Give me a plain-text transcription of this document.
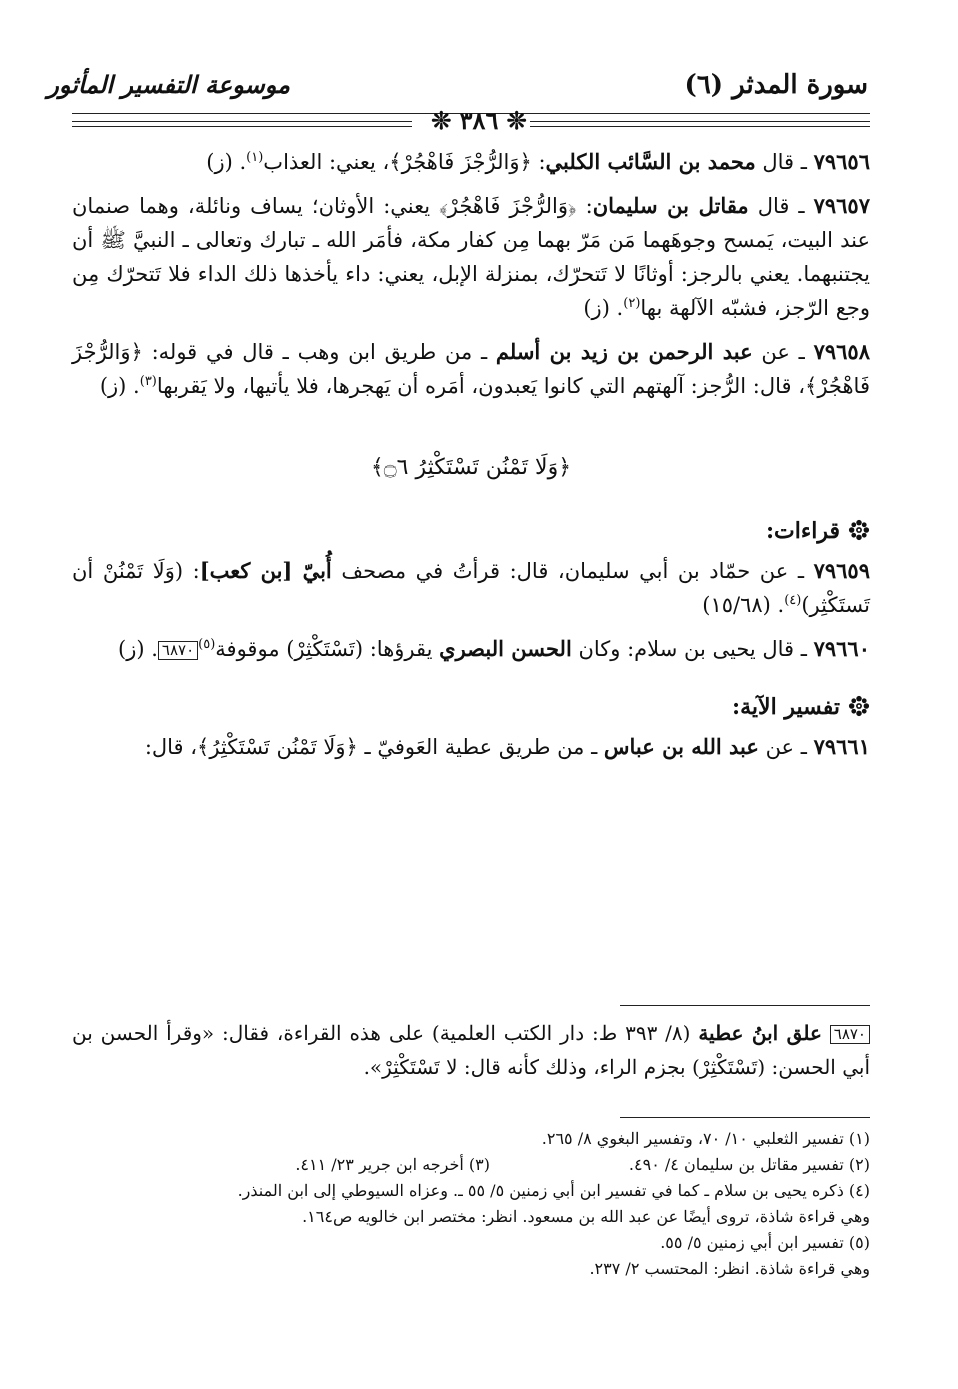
سورة المدثر (٦)
موسوعة التفسير المأثور
❊ ٣٨٦ ❊

٧٩٦٥٦ ـ قال محمد بن السَّائب الكلبي: ﴿وَالرُّجْزَ فَاهْجُرْ﴾، يعني: العذاب$^{(١)}$. (ز)

٧٩٦٥٧ ـ قال مقاتل بن سليمان: ﴿وَالرُّجْزَ فَاهْجُرْ﴾ يعني: الأوثان؛ يساف ونائلة، وهما صنمان عند البيت، يَمسح وجوهَهما مَن مَرّ بهما مِن كفار مكة، فأمَر الله ـ تبارك وتعالى ـ النبيَّ ﷺ أن يجتنبهما. يعني بالرجز: أوثانًا لا تَتحرّك، بمنزلة الإبل، يعني: داء يأخذها ذلك الداء فلا تَتحرّك مِن وجع الرّجز، فشبّه الآلهة بها$^{(٢)}$. (ز)

٧٩٦٥٨ ـ عن عبد الرحمن بن زيد بن أسلم ـ من طريق ابن وهب ـ قال في قوله: ﴿وَالرُّجْزَ فَاهْجُرْ﴾، قال: الرُّجز: آلهتهم التي كانوا يَعبدون، أمَره أن يَهجرها، فلا يأتيها، ولا يَقربها$^{(٣)}$. (ز)

﴿وَلَا تَمْنُن تَسْتَكْثِرُ ۝٦﴾
قراءات:

٧٩٦٥٩ ـ عن حمّاد بن أبي سليمان، قال: قرأتُ في مصحف أُبيّ [بن كعب]: (وَلَا تَمْنُنْ أن تَستَكْثِر)$^{(٤)}$. (١٥/٦٨)

٧٩٦٦٠ ـ قال يحيى بن سلام: وكان الحسن البصري يقرؤها: (تَسْتَكْثِرْ) موقوفة$^{(٥)}$٦٨٧٠. (ز)

تفسير الآية:

٧٩٦٦١ ـ عن عبد الله بن عباس ـ من طريق عطية العَوفيّ ـ ﴿وَلَا تَمْنُن تَسْتَكْثِرُ﴾، قال:

٦٨٧٠ علق ابنُ عطية (٨/ ٣٩٣ ط: دار الكتب العلمية) على هذه القراءة، فقال: «وقرأ الحسن بن أبي الحسن: (تَسْتَكْثِرْ) بجزم الراء، وذلك كأنه قال: لا تَسْتَكْثِرْ».
(١) تفسير الثعلبي ١٠/ ٧٠، وتفسير البغوي ٨/ ٢٦٥.
(٢) تفسير مقاتل بن سليمان ٤/ ٤٩٠.
(٣) أخرجه ابن جرير ٢٣/ ٤١١.
(٤) ذكره يحيى بن سلام ـ كما في تفسير ابن أبي زمنين ٥/ ٥٥ ـ. وعزاه السيوطي إلى ابن المنذر.
وهي قراءة شاذة، تروى أيضًا عن عبد الله بن مسعود. انظر: مختصر ابن خالويه ص١٦٤.
(٥) تفسير ابن أبي زمنين ٥/ ٥٥.
وهي قراءة شاذة. انظر: المحتسب ٢/ ٢٣٧.
